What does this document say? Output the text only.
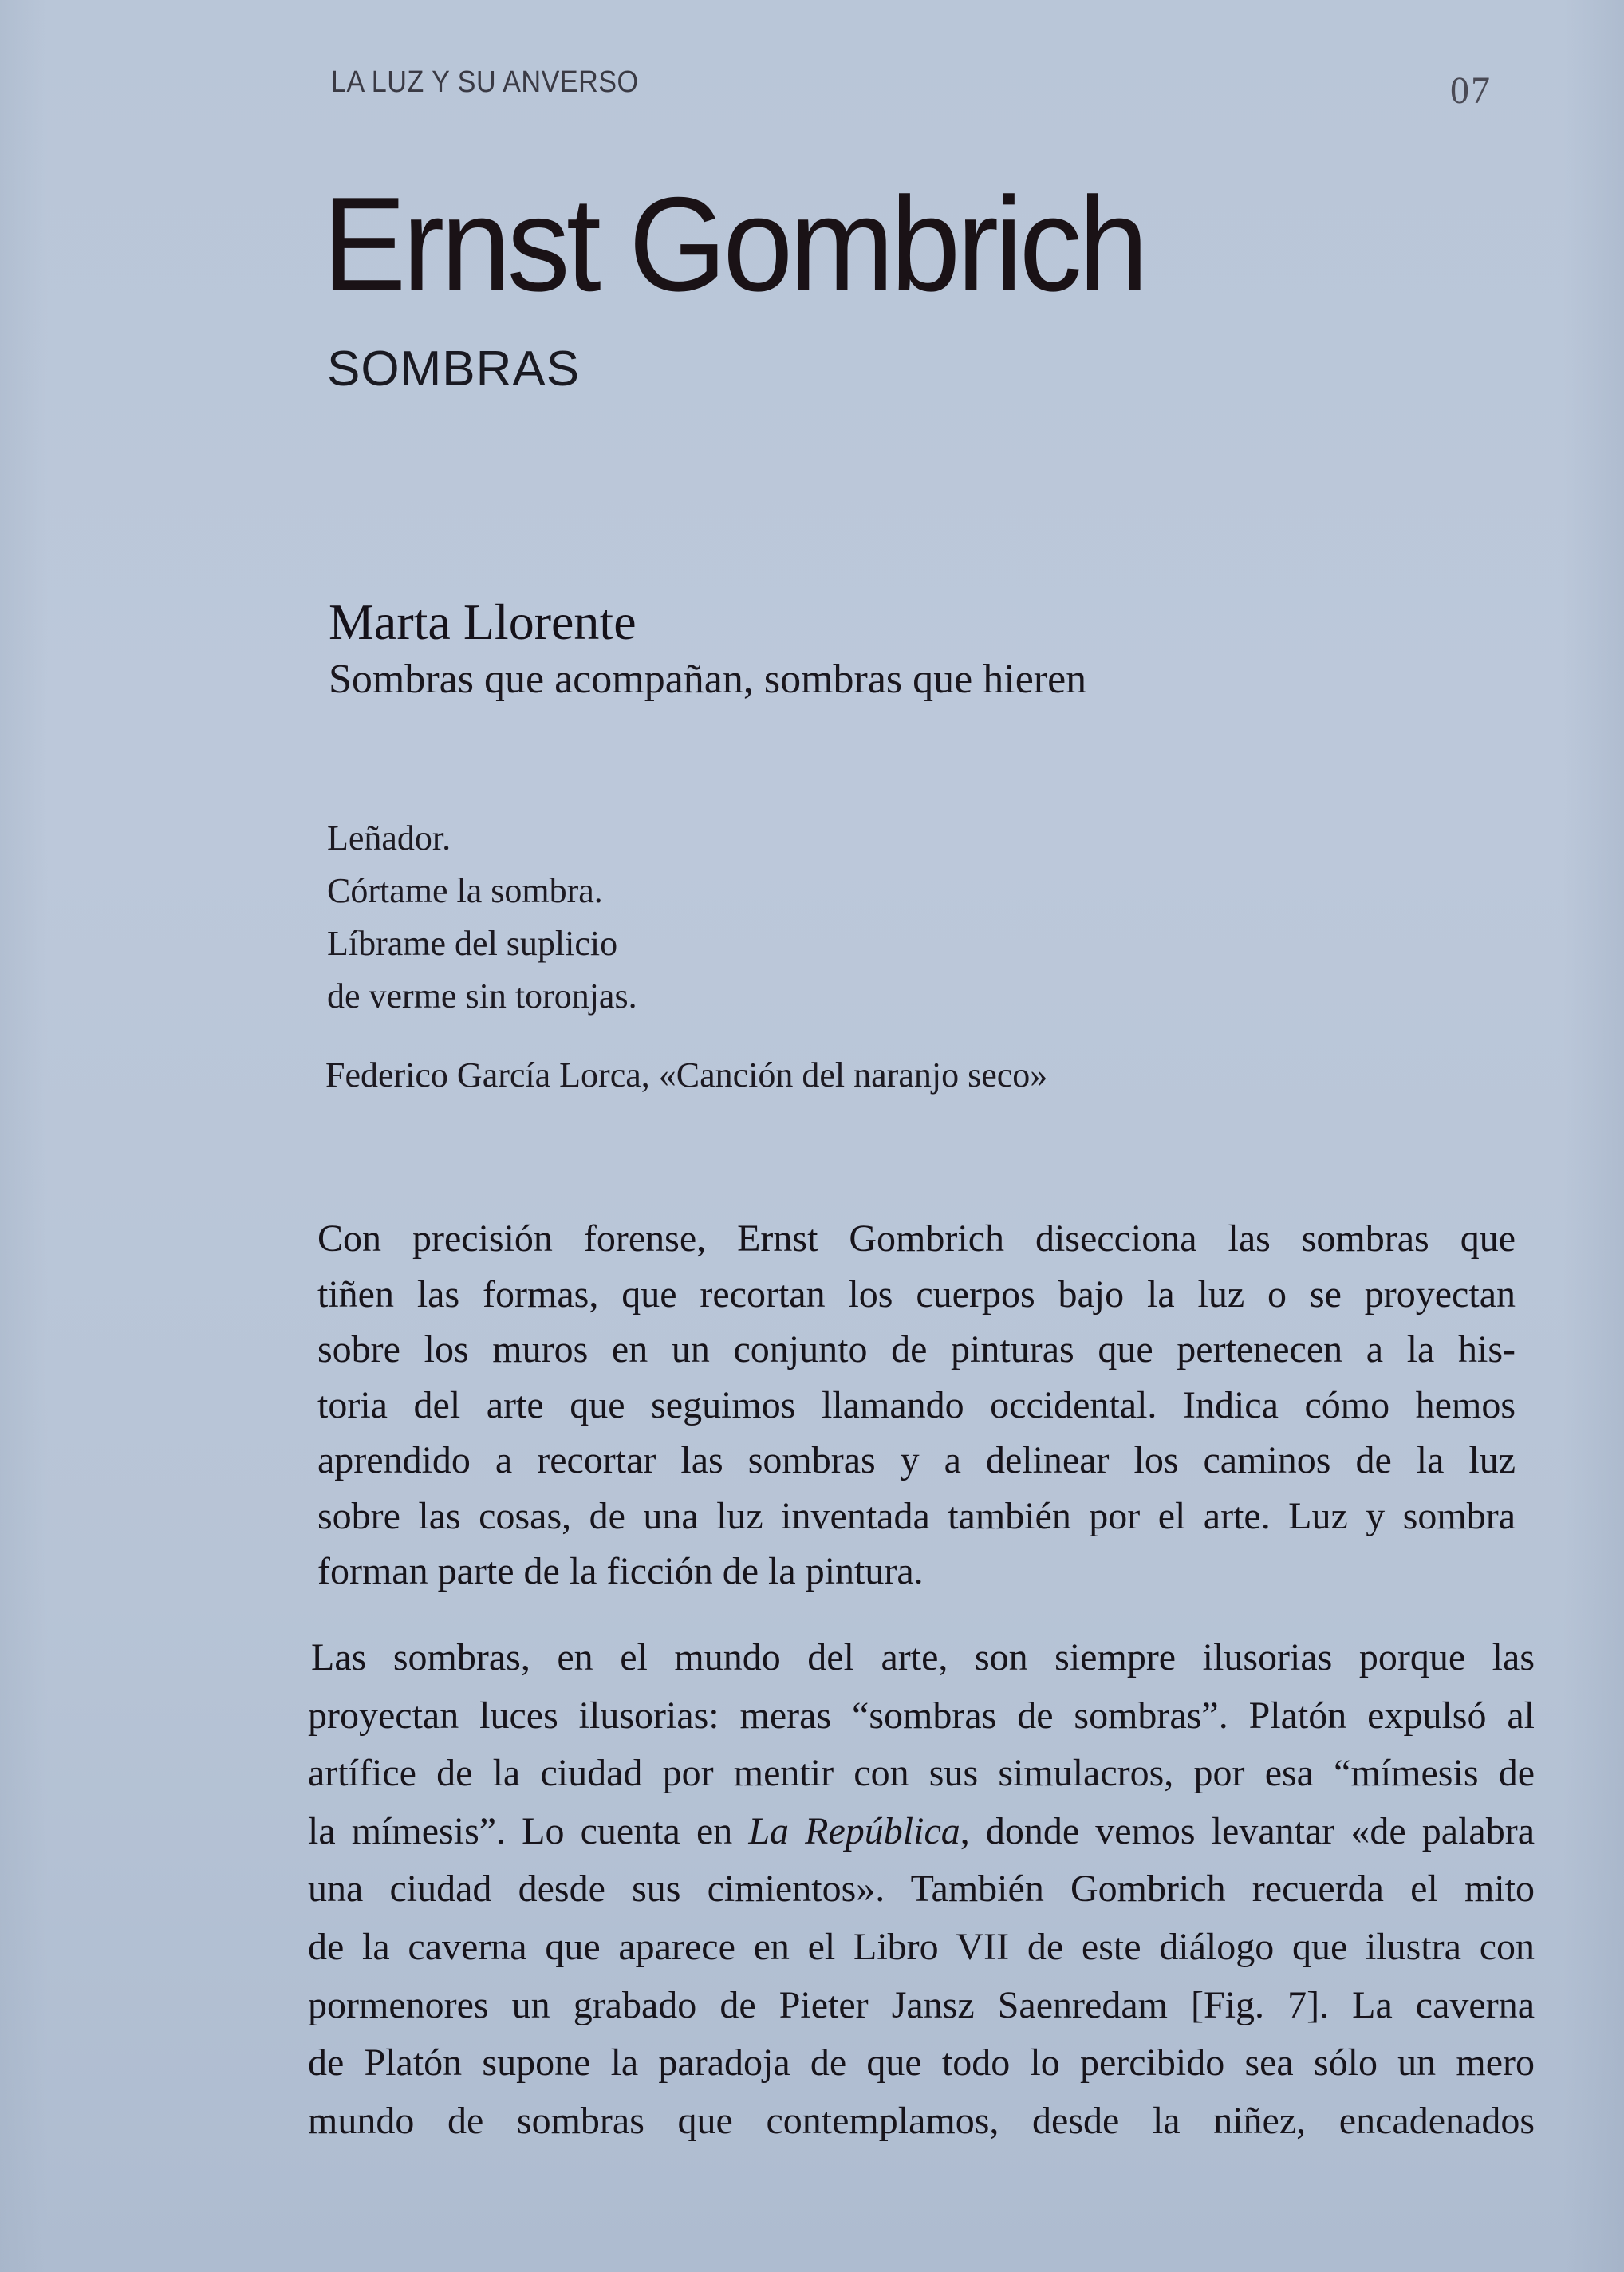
LA LUZ Y SU ANVERSO	07
Ernst Gombrich
SOMBRAS
Marta Llorente
Sombras que acompañan, sombras que hieren
Leñador.
Córtame la sombra.
Líbrame del suplicio
de verme sin toronjas.
Federico García Lorca, «Canción del naranjo seco»
Con precisión forense, Ernst Gombrich disecciona las sombras que
tiñen las formas, que recortan los cuerpos bajo la luz o se proyectan
sobre los muros en un conjunto de pinturas que pertenecen a la his-
toria del arte que seguimos llamando occidental. Indica cómo hemos
aprendido a recortar las sombras y a delinear los caminos de la luz
sobre las cosas, de una luz inventada también por el arte. Luz y sombra
forman parte de la ficción de la pintura.
Las sombras, en el mundo del arte, son siempre ilusorias porque las
proyectan luces ilusorias: meras “sombras de sombras”. Platón expulsó al
artífice de la ciudad por mentir con sus simulacros, por esa “mímesis de
la mímesis”. Lo cuenta en La República, donde vemos levantar «de palabra
una ciudad desde sus cimientos». También Gombrich recuerda el mito
de la caverna que aparece en el Libro VII de este diálogo que ilustra con
pormenores un grabado de Pieter Jansz Saenredam [Fig. 7]. La caverna
de Platón supone la paradoja de que todo lo percibido sea sólo un mero
mundo de sombras que contemplamos, desde la niñez, encadenados
